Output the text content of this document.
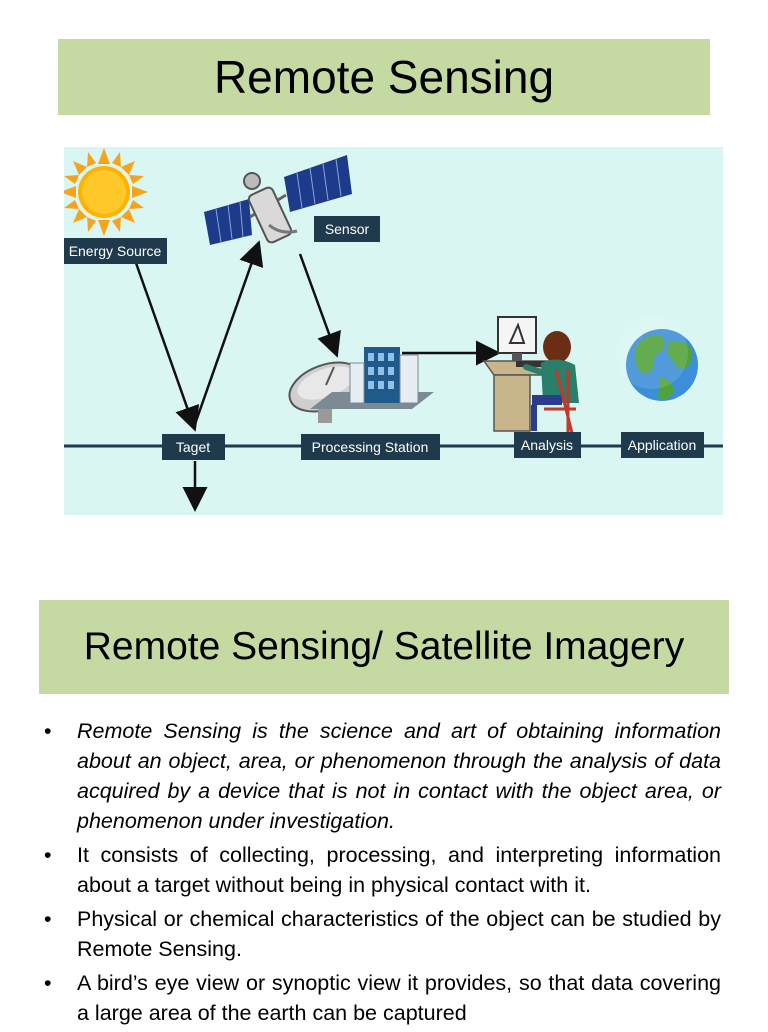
Remote Sensing
Energy Source
Sensor
Taget	Processing Station	Analysis	Application
Remote Sensing/ Satellite Imagery
• Remote Sensing is the science and art of obtaining information about an object, area, or phenomenon through the analysis of data acquired by a device that is not in contact with the object area, or phenomenon under investigation.
• It consists of collecting, processing, and interpreting information about a target without being in physical contact with it.
• Physical or chemical characteristics of the object can be studied by Remote Sensing.
• A bird’s eye view or synoptic view it provides, so that data covering a large area of the earth can be captured
